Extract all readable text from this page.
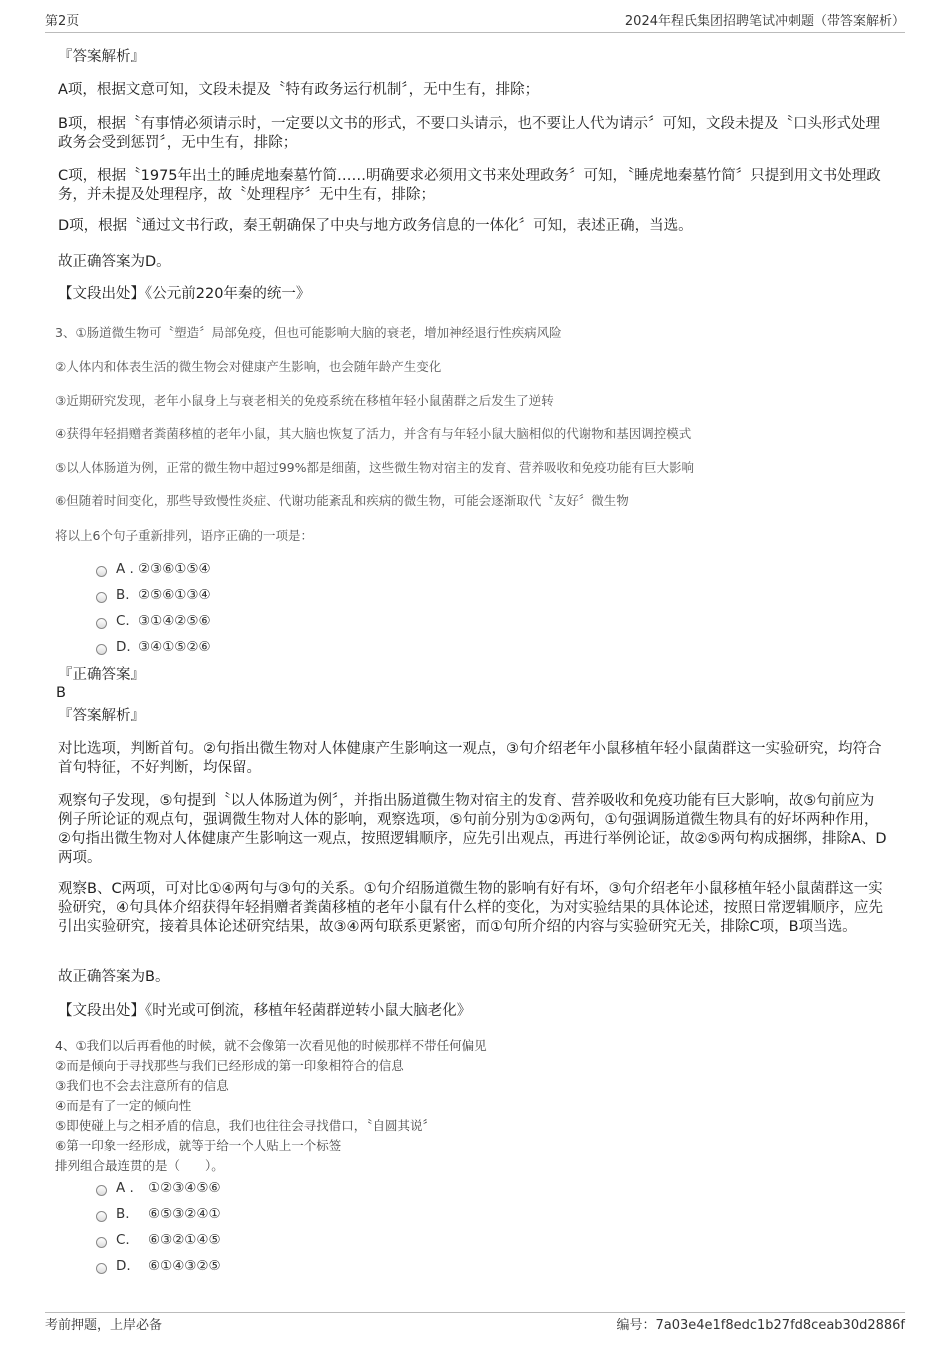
第2页	2024年程氏集团招聘笔试冲刺题（带答案解析）
『答案解析』
A项，根据文意可知，文段未提及〝特有政务运行机制〞，无中生有，排除；
B项，根据〝有事情必须请示时，一定要以文书的形式，不要口头请示，也不要让人代为请示〞可知，文段未提及〝口头形式处理政务会受到惩罚〞，无中生有，排除；
C项，根据〝1975年出土的睡虎地秦墓竹简……明确要求必须用文书来处理政务〞可知，〝睡虎地秦墓竹简〞只提到用文书处理政务，并未提及处理程序，故〝处理程序〞无中生有，排除；
D项，根据〝通过文书行政，秦王朝确保了中央与地方政务信息的一体化〞可知，表述正确，当选。
故正确答案为D。
【文段出处】《公元前220年秦的统一》
3、①肠道微生物可〝塑造〞局部免疫，但也可能影响大脑的衰老，增加神经退行性疾病风险
②人体内和体表生活的微生物会对健康产生影响，也会随年龄产生变化
③近期研究发现，老年小鼠身上与衰老相关的免疫系统在移植年轻小鼠菌群之后发生了逆转
④获得年轻捐赠者粪菌移植的老年小鼠，其大脑也恢复了活力，并含有与年轻小鼠大脑相似的代谢物和基因调控模式
⑤以人体肠道为例，正常的微生物中超过99%都是细菌，这些微生物对宿主的发育、营养吸收和免疫功能有巨大影响
⑥但随着时间变化，那些导致慢性炎症、代谢功能紊乱和疾病的微生物，可能会逐渐取代〝友好〞微生物
将以上6个句子重新排列，语序正确的一项是：
A . ②③⑥①⑤④
B. ②⑤⑥①③④
C. ③①④②⑤⑥
D. ③④①⑤②⑥
『正确答案』
B
『答案解析』
对比选项，判断首句。②句指出微生物对人体健康产生影响这一观点，③句介绍老年小鼠移植年轻小鼠菌群这一实验研究，均符合首句特征，不好判断，均保留。
观察句子发现，⑤句提到〝以人体肠道为例〞，并指出肠道微生物对宿主的发育、营养吸收和免疫功能有巨大影响，故⑤句前应为例子所论证的观点句，强调微生物对人体的影响，观察选项，⑤句前分别为①②两句，①句强调肠道微生物具有的好坏两种作用，②句指出微生物对人体健康产生影响这一观点，按照逻辑顺序，应先引出观点，再进行举例论证，故②⑤两句构成捆绑，排除A、D两项。
观察B、C两项，可对比①④两句与③句的关系。①句介绍肠道微生物的影响有好有坏，③句介绍老年小鼠移植年轻小鼠菌群这一实验研究，④句具体介绍获得年轻捐赠者粪菌移植的老年小鼠有什么样的变化，为对实验结果的具体论述，按照日常逻辑顺序，应先引出实验研究，接着具体论述研究结果，故③④两句联系更紧密，而①句所介绍的内容与实验研究无关，排除C项，B项当选。
故正确答案为B。
【文段出处】《时光或可倒流，移植年轻菌群逆转小鼠大脑老化》
4、①我们以后再看他的时候，就不会像第一次看见他的时候那样不带任何偏见
②而是倾向于寻找那些与我们已经形成的第一印象相符合的信息
③我们也不会去注意所有的信息
④而是有了一定的倾向性
⑤即使碰上与之相矛盾的信息，我们也往往会寻找借口，〝自圆其说〞
⑥第一印象一经形成，就等于给一个人贴上一个标签
排列组合最连贯的是（　　）。
A .	①②③④⑤⑥
B.	⑥⑤③②④①
C.	⑥③②①④⑤
D.	⑥①④③②⑤
考前押题，上岸必备	编号：7a03e4e1f8edc1b27fd8ceab30d2886f
